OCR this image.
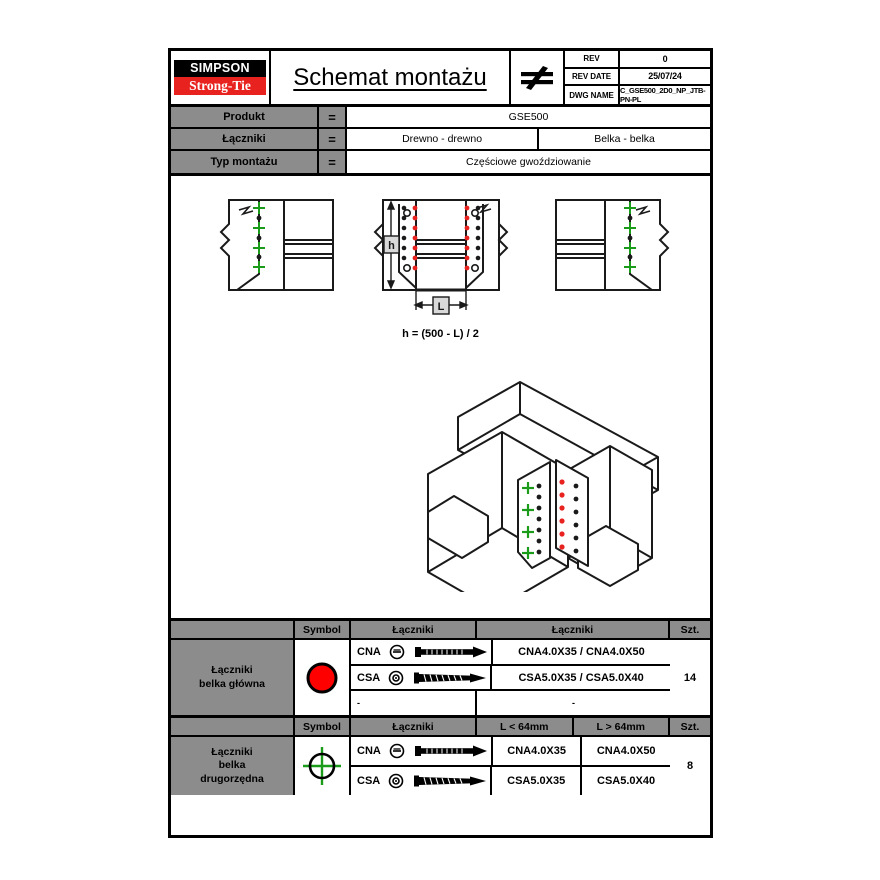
SIMPSON
Strong-Tie	Schemat montażu
REV	0
REV DATE	25/07/24
DWG NAME C_GSE500_2D0_NP_JTB-PN-PL
Produkt	=	GSE500
Łączniki	=	Drewno - drewno	Belka - belka
Typ montażu	=	Częściowe gwoździowanie
h
L
h = (500 - L) / 2
Symbol	Łączniki	Łączniki	Szt.
Łączniki
belka główna
CNA	CNA4.0X35 / CNA4.0X50
CSA	CSA5.0X35 / CSA5.0X40
-	-
14
Symbol	Łączniki	L < 64mm	L > 64mm	Szt.
Łączniki
belka
drugorzędna
CNA	CNA4.0X35	CNA4.0X50
CSA	CSA5.0X35	CSA5.0X40
8
